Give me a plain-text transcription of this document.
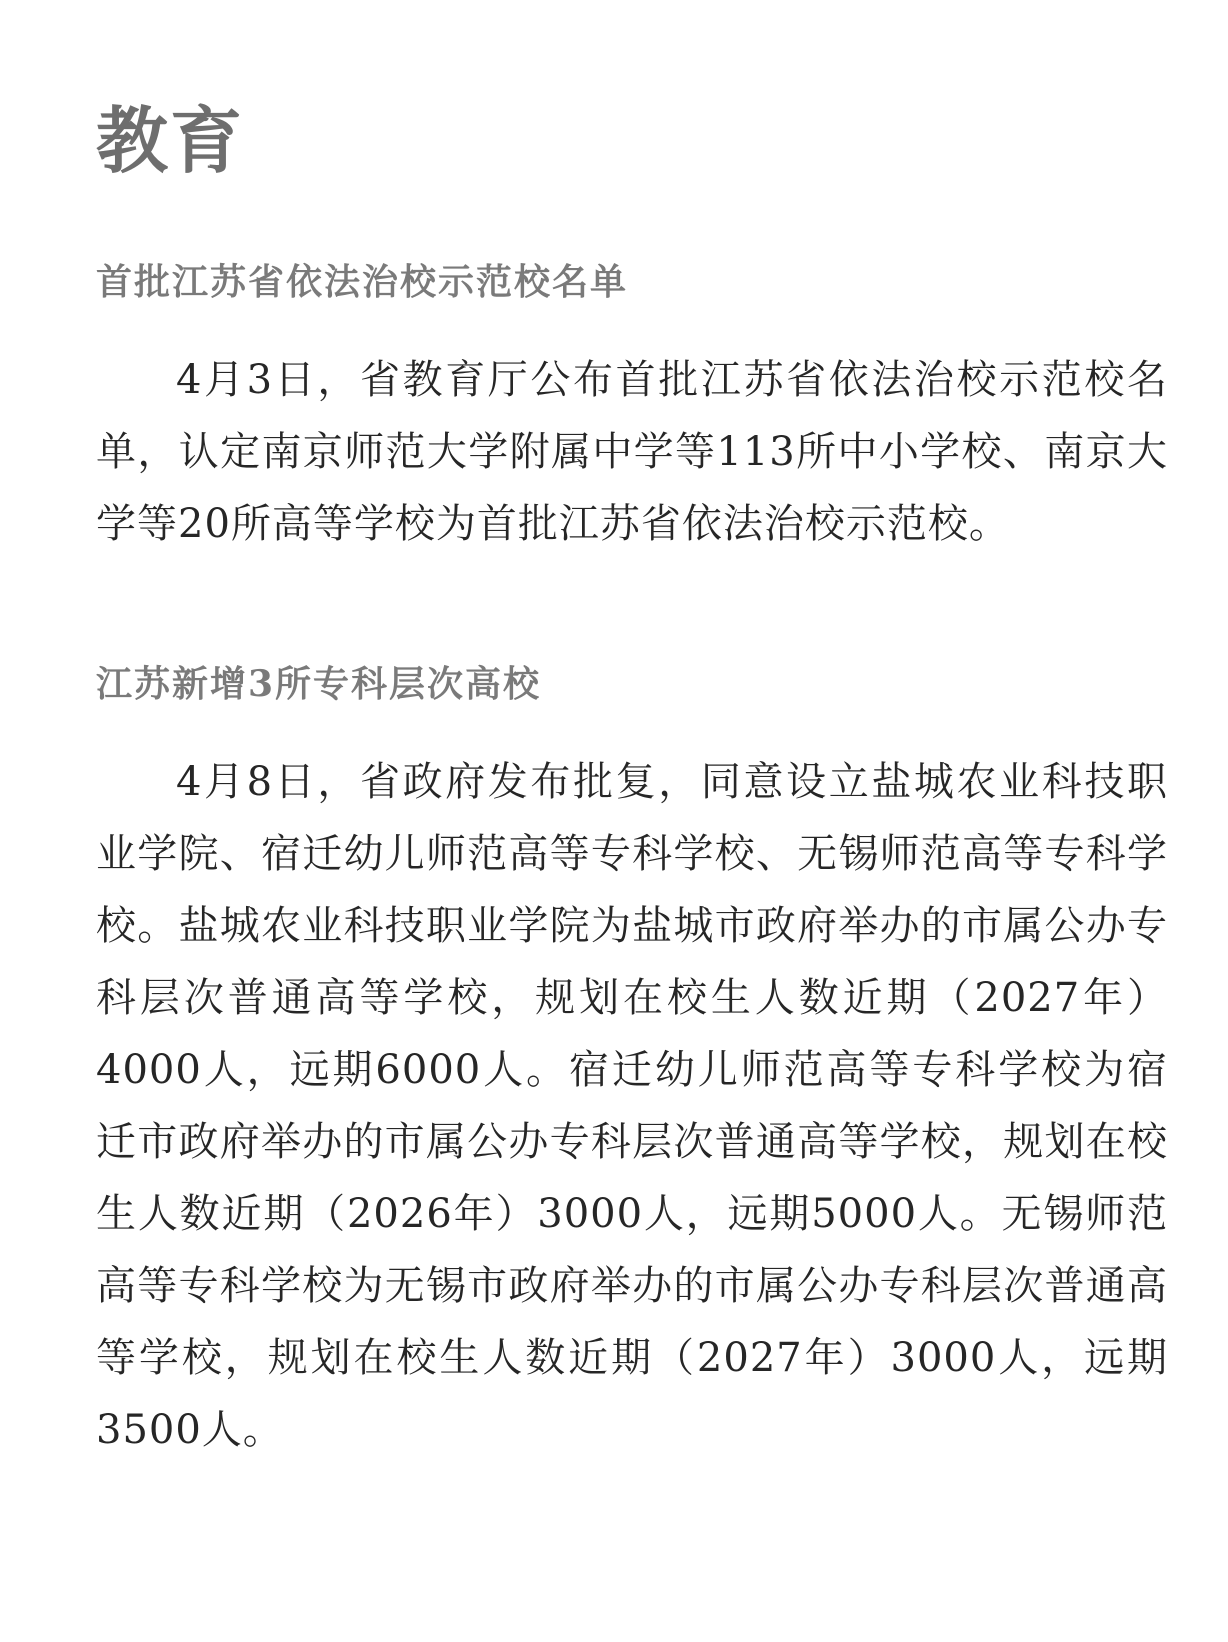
教育
首批江苏省依法治校示范校名单

4月3日，省教育厅公布首批江苏省依法治校示范校名单，认定南京师范大学附属中学等113所中小学校、南京大学等20所高等学校为首批江苏省依法治校示范校。

江苏新增3所专科层次高校

4月8日，省政府发布批复，同意设立盐城农业科技职业学院、宿迁幼儿师范高等专科学校、无锡师范高等专科学校。盐城农业科技职业学院为盐城市政府举办的市属公办专科层次普通高等学校，规划在校生人数近期（2027年）4000人，远期6000人。宿迁幼儿师范高等专科学校为宿迁市政府举办的市属公办专科层次普通高等学校，规划在校生人数近期（2026年）3000人，远期5000人。无锡师范高等专科学校为无锡市政府举办的市属公办专科层次普通高等学校，规划在校生人数近期（2027年）3000人，远期3500人。
